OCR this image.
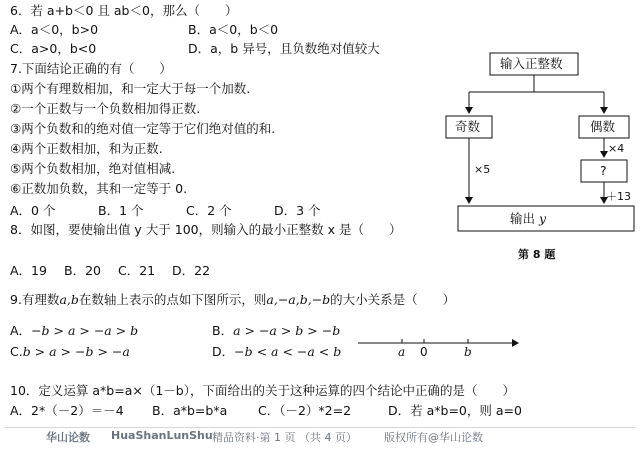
6．若 a+b＜0 且 ab＜0，那么（　　）
A．a＜0，b>0	B．a＜0，b＜0
C．a>0，b<0	D．a，b 异号，且负数绝对值较大
7.下面结论正确的有（　　）
①两个有理数相加，和一定大于每一个加数.
②一个正数与一个负数相加得正数.
③两个负数和的绝对值一定等于它们绝对值的和.
④两个正数相加，和为正数.
⑤两个负数相加，绝对值相减.
⑥正数加负数，其和一定等于 0.
A．0 个	B．1 个	C．2 个	D．3 个
8．如图，要使输出值 y 大于 100，则输入的最小正整数 x 是（　　）
A．19 B．20 C．21 D．22
输入正整数
奇数	偶数
×5
×4
?
＋13
输出 y
第 8 题
9.有理数a,b在数轴上表示的点如下图所示，则a,−a,b,−b的大小关系是（　　）
A．−b > a > −a > b	B．a > −a > b > −b
C.b > a > −b > −a	D．−b < a < −a < b	a 0	b
10．定义运算 a*b=a×（1－b），下面给出的关于这种运算的四个结论中正确的是（　　）
A．2*（－2）＝－4 B．a*b=b*a C．（－2）*2=2	D．若 a*b=0，则 a=0
华山论数 HuaShanLunShu 精品资料·第 1 页 （共 4 页） 版权所有@华山论数
